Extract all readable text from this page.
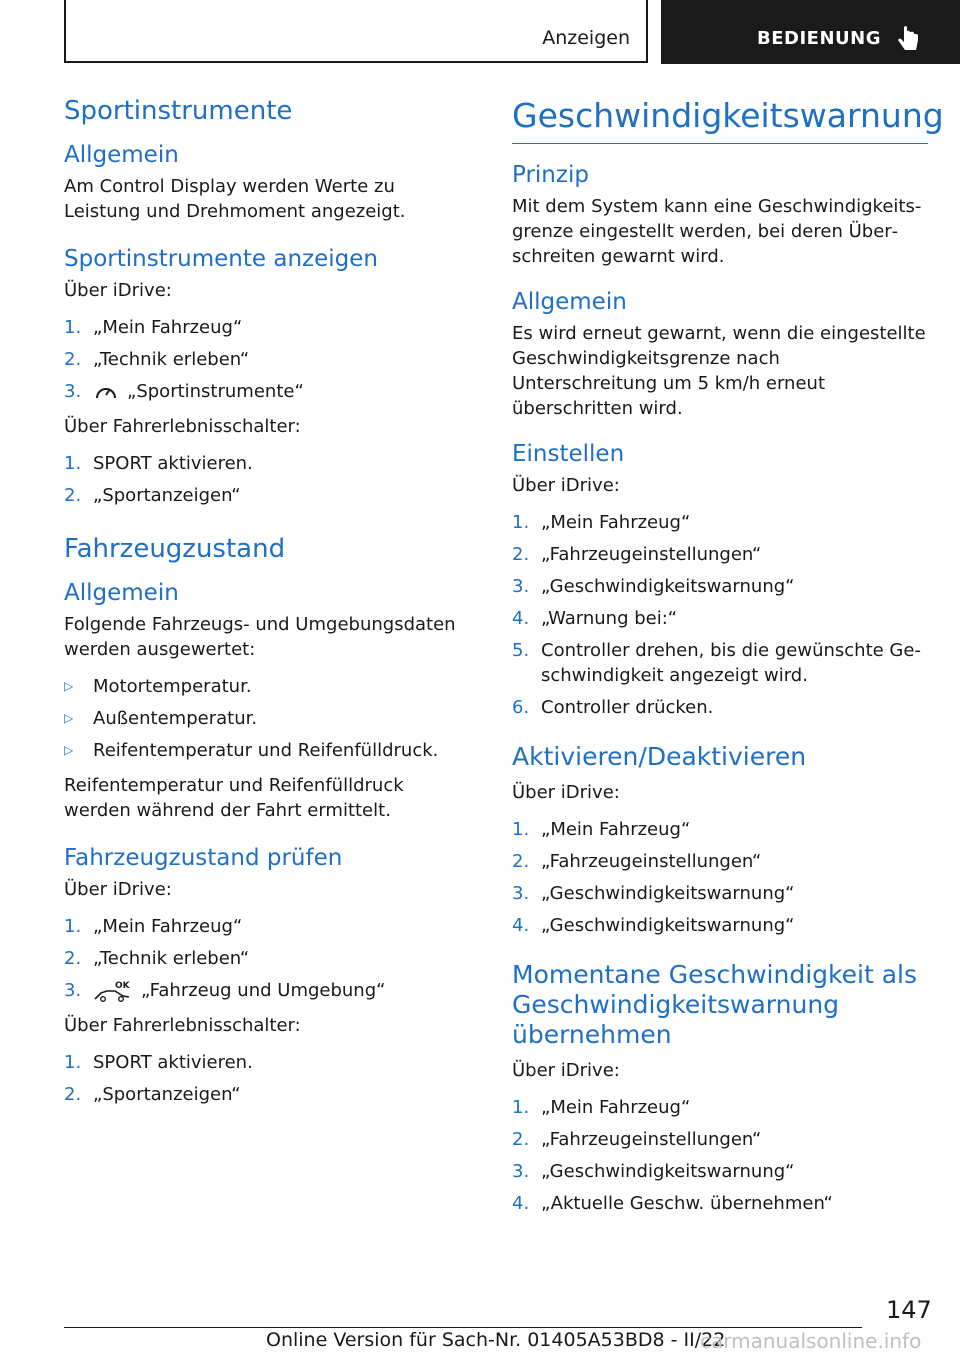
Anzeigen	BEDIENUNG
Sportinstrumente
Allgemein

Am Control Display werden Werte zu Leistung und Drehmoment angezeigt.

Sportinstrumente anzeigen

Über iDrive:

1. „Mein Fahrzeug“
2. „Technik erleben“
3.	„Sportinstrumente“

Über Fahrerlebnisschalter:

1. SPORT aktivieren.
2. „Sportanzeigen“
Fahrzeugzustand
Allgemein

Folgende Fahrzeugs- und Umgebungsdaten werden ausgewertet:

▷	Motortemperatur.
▷	Außentemperatur.
▷	Reifentemperatur und Reifenfülldruck.

Reifentemperatur und Reifenfülldruck werden während der Fahrt ermittelt.

Fahrzeugzustand prüfen

Über iDrive:

1. „Mein Fahrzeug“
2. „Technik erleben“
3.	OK „Fahrzeug und Umgebung“

Über Fahrerlebnisschalter:

1. SPORT aktivieren.
2. „Sportanzeigen“
Geschwindigkeitswarnung
Prinzip

Mit dem System kann eine Geschwindigkeitsgrenze eingestellt werden, bei deren Überschreiten gewarnt wird.

Allgemein

Es wird erneut gewarnt, wenn die eingestellte Geschwindigkeitsgrenze nach Unterschreitung um 5 km/h erneut überschritten wird.

Einstellen

Über iDrive:

1. „Mein Fahrzeug“
2. „Fahrzeugeinstellungen“
3. „Geschwindigkeitswarnung“
4. „Warnung bei:“
5. Controller drehen, bis die gewünschte Geschwindigkeit angezeigt wird.
6. Controller drücken.
Aktivieren/Deaktivieren

Über iDrive:

1. „Mein Fahrzeug“
2. „Fahrzeugeinstellungen“
3. „Geschwindigkeitswarnung“
4. „Geschwindigkeitswarnung“
Momentane Geschwindigkeit als Geschwindigkeitswarnung übernehmen

Über iDrive:

1. „Mein Fahrzeug“
2. „Fahrzeugeinstellungen“
3. „Geschwindigkeitswarnung“
4. „Aktuelle Geschw. übernehmen“
147
Online Version für Sach-Nr. 01405A53BD8 - II/22
carmanualsonline.info
